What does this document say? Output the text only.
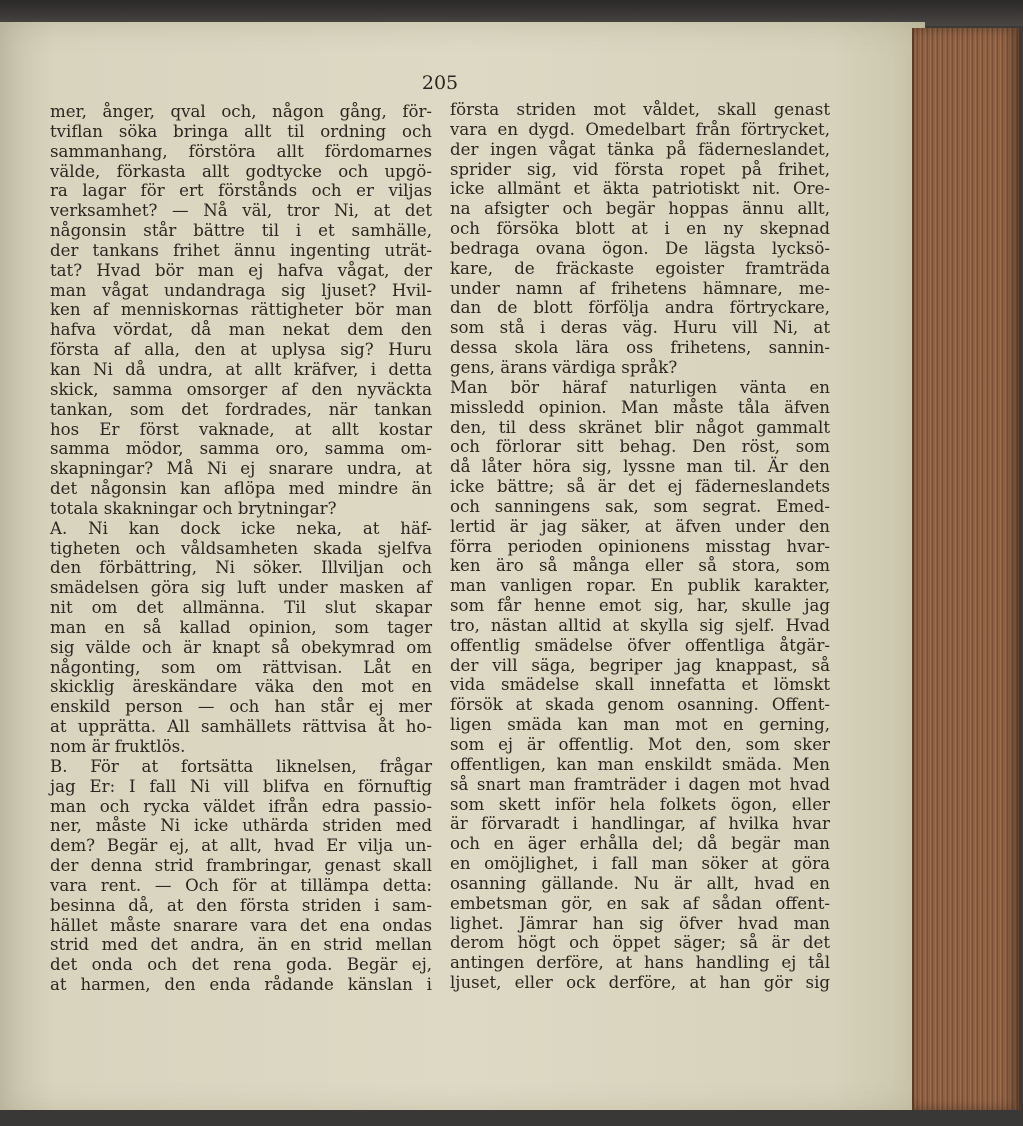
205
mer, ånger, qval och, någon gång, för-
tviflan söka bringa allt til ordning och
sammanhang, förstöra allt fördomarnes
välde, förkasta allt godtycke och upgö-
ra lagar för ert förstånds och er viljas
verksamhet? — Nå väl, tror Ni, at det
någonsin står bättre til i et samhälle,
der tankans frihet ännu ingenting uträt-
tat? Hvad bör man ej hafva vågat, der
man vågat undandraga sig ljuset? Hvil-
ken af menniskornas rättigheter bör man
hafva vördat, då man nekat dem den
första af alla, den at uplysa sig? Huru
kan Ni då undra, at allt kräfver, i detta
skick, samma omsorger af den nyväckta
tankan, som det fordrades, när tankan
hos Er först vaknade, at allt kostar
samma mödor, samma oro, samma om-
skapningar? Må Ni ej snarare undra, at
det någonsin kan aflöpa med mindre än
totala skakningar och brytningar?
A. Ni kan dock icke neka, at häf-
tigheten och våldsamheten skada sjelfva
den förbättring, Ni söker. Illviljan och
smädelsen göra sig luft under masken af
nit om det allmänna. Til slut skapar
man en så kallad opinion, som tager
sig välde och är knapt så obekymrad om
någonting, som om rättvisan. Låt en
skicklig äreskändare väka den mot en
enskild person — och han står ej mer
at upprätta. All samhällets rättvisa åt ho-
nom är fruktlös.
B. För at fortsätta liknelsen, frågar
jag Er: I fall Ni vill blifva en förnuftig
man och rycka väldet ifrån edra passio-
ner, måste Ni icke uthärda striden med
dem? Begär ej, at allt, hvad Er vilja un-
der denna strid frambringar, genast skall
vara rent. — Och för at tillämpa detta:
besinna då, at den första striden i sam-
hället måste snarare vara det ena ondas
strid med det andra, än en strid mellan
det onda och det rena goda. Begär ej,
at harmen, den enda rådande känslan i
första striden mot våldet, skall genast
vara en dygd. Omedelbart från förtrycket,
der ingen vågat tänka på fäderneslandet,
sprider sig, vid första ropet på frihet,
icke allmänt et äkta patriotiskt nit. Ore-
na afsigter och begär hoppas ännu allt,
och försöka blott at i en ny skepnad
bedraga ovana ögon. De lägsta lycksö-
kare, de fräckaste egoister framträda
under namn af frihetens hämnare, me-
dan de blott förfölja andra förtryckare,
som stå i deras väg. Huru vill Ni, at
dessa skola lära oss frihetens, sannin-
gens, ärans värdiga språk?
Man bör häraf naturligen vänta en
missledd opinion. Man måste tåla äfven
den, til dess skränet blir något gammalt
och förlorar sitt behag. Den röst, som
då låter höra sig, lyssne man til. Är den
icke bättre; så är det ej fäderneslandets
och sanningens sak, som segrat. Emed-
lertid är jag säker, at äfven under den
förra perioden opinionens misstag hvar-
ken äro så många eller så stora, som
man vanligen ropar. En publik karakter,
som får henne emot sig, har, skulle jag
tro, nästan alltid at skylla sig sjelf. Hvad
offentlig smädelse öfver offentliga åtgär-
der vill säga, begriper jag knappast, så
vida smädelse skall innefatta et lömskt
försök at skada genom osanning. Offent-
ligen smäda kan man mot en gerning,
som ej är offentlig. Mot den, som sker
offentligen, kan man enskildt smäda. Men
så snart man framträder i dagen mot hvad
som skett inför hela folkets ögon, eller
är förvaradt i handlingar, af hvilka hvar
och en äger erhålla del; då begär man
en omöjlighet, i fall man söker at göra
osanning gällande. Nu är allt, hvad en
embetsman gör, en sak af sådan offent-
lighet. Jämrar han sig öfver hvad man
derom högt och öppet säger; så är det
antingen derföre, at hans handling ej tål
ljuset, eller ock derföre, at han gör sig
